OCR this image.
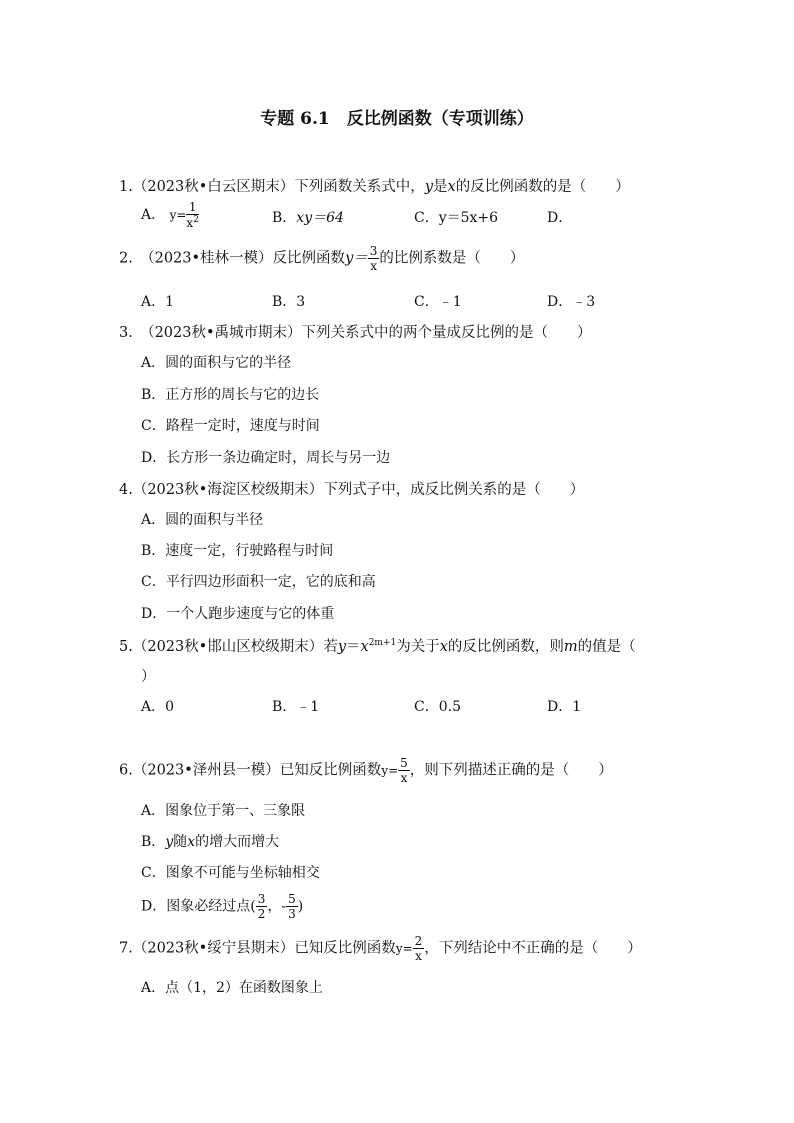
专题 6.1　反比例函数（专项训练）
1.（2023秋•白云区期末）下列函数关系式中，y是x的反比例函数的是（　　）
A． $y= \frac{1}{x^2}$	B．xy＝64	C．y＝5x+6	D．
2.　 （2023•桂林一模）反比例函数$y= \frac{3}{x}$ 的比例系数是（　　）
A．1	B．3	C．﹣1	D．﹣3
3.　（2023秋•禹城市期末）下列关系式中的两个量成反比例的是（　　）
A．圆的面积与它的半径
B．正方形的周长与它的边长
C．路程一定时，速度与时间
D．长方形一条边确定时，周长与另一边
4.（2023秋•海淀区校级期末）下列式子中，成反比例关系的是（　　）
A．圆的面积与半径
B．速度一定，行驶路程与时间
C．平行四边形面积一定，它的底和高
D．一个人跑步速度与它的体重
5.（2023秋•邯山区校级期末）若$y=x^{2m+1}$为关于x的反比例函数，则m的值是（
）
A．0	B．﹣1	C．0.5	D．1
6.（2023•泽州县一模）已知反比例函数$y= \frac{5}{x}$ ，则下列描述正确的是（　　）
A．图象位于第一、三象限
B．y随x的增大而增大
C．图象不可能与坐标轴相交
D．图象必经过点( $\frac{3}{2}$ ，- $\frac{5}{3}$ )
7.（2023秋•绥宁县期末）已知反比例函数$y= \frac{2}{x}$ ，下列结论中不正确的是（　　）
A．点（1，2）在函数图象上
